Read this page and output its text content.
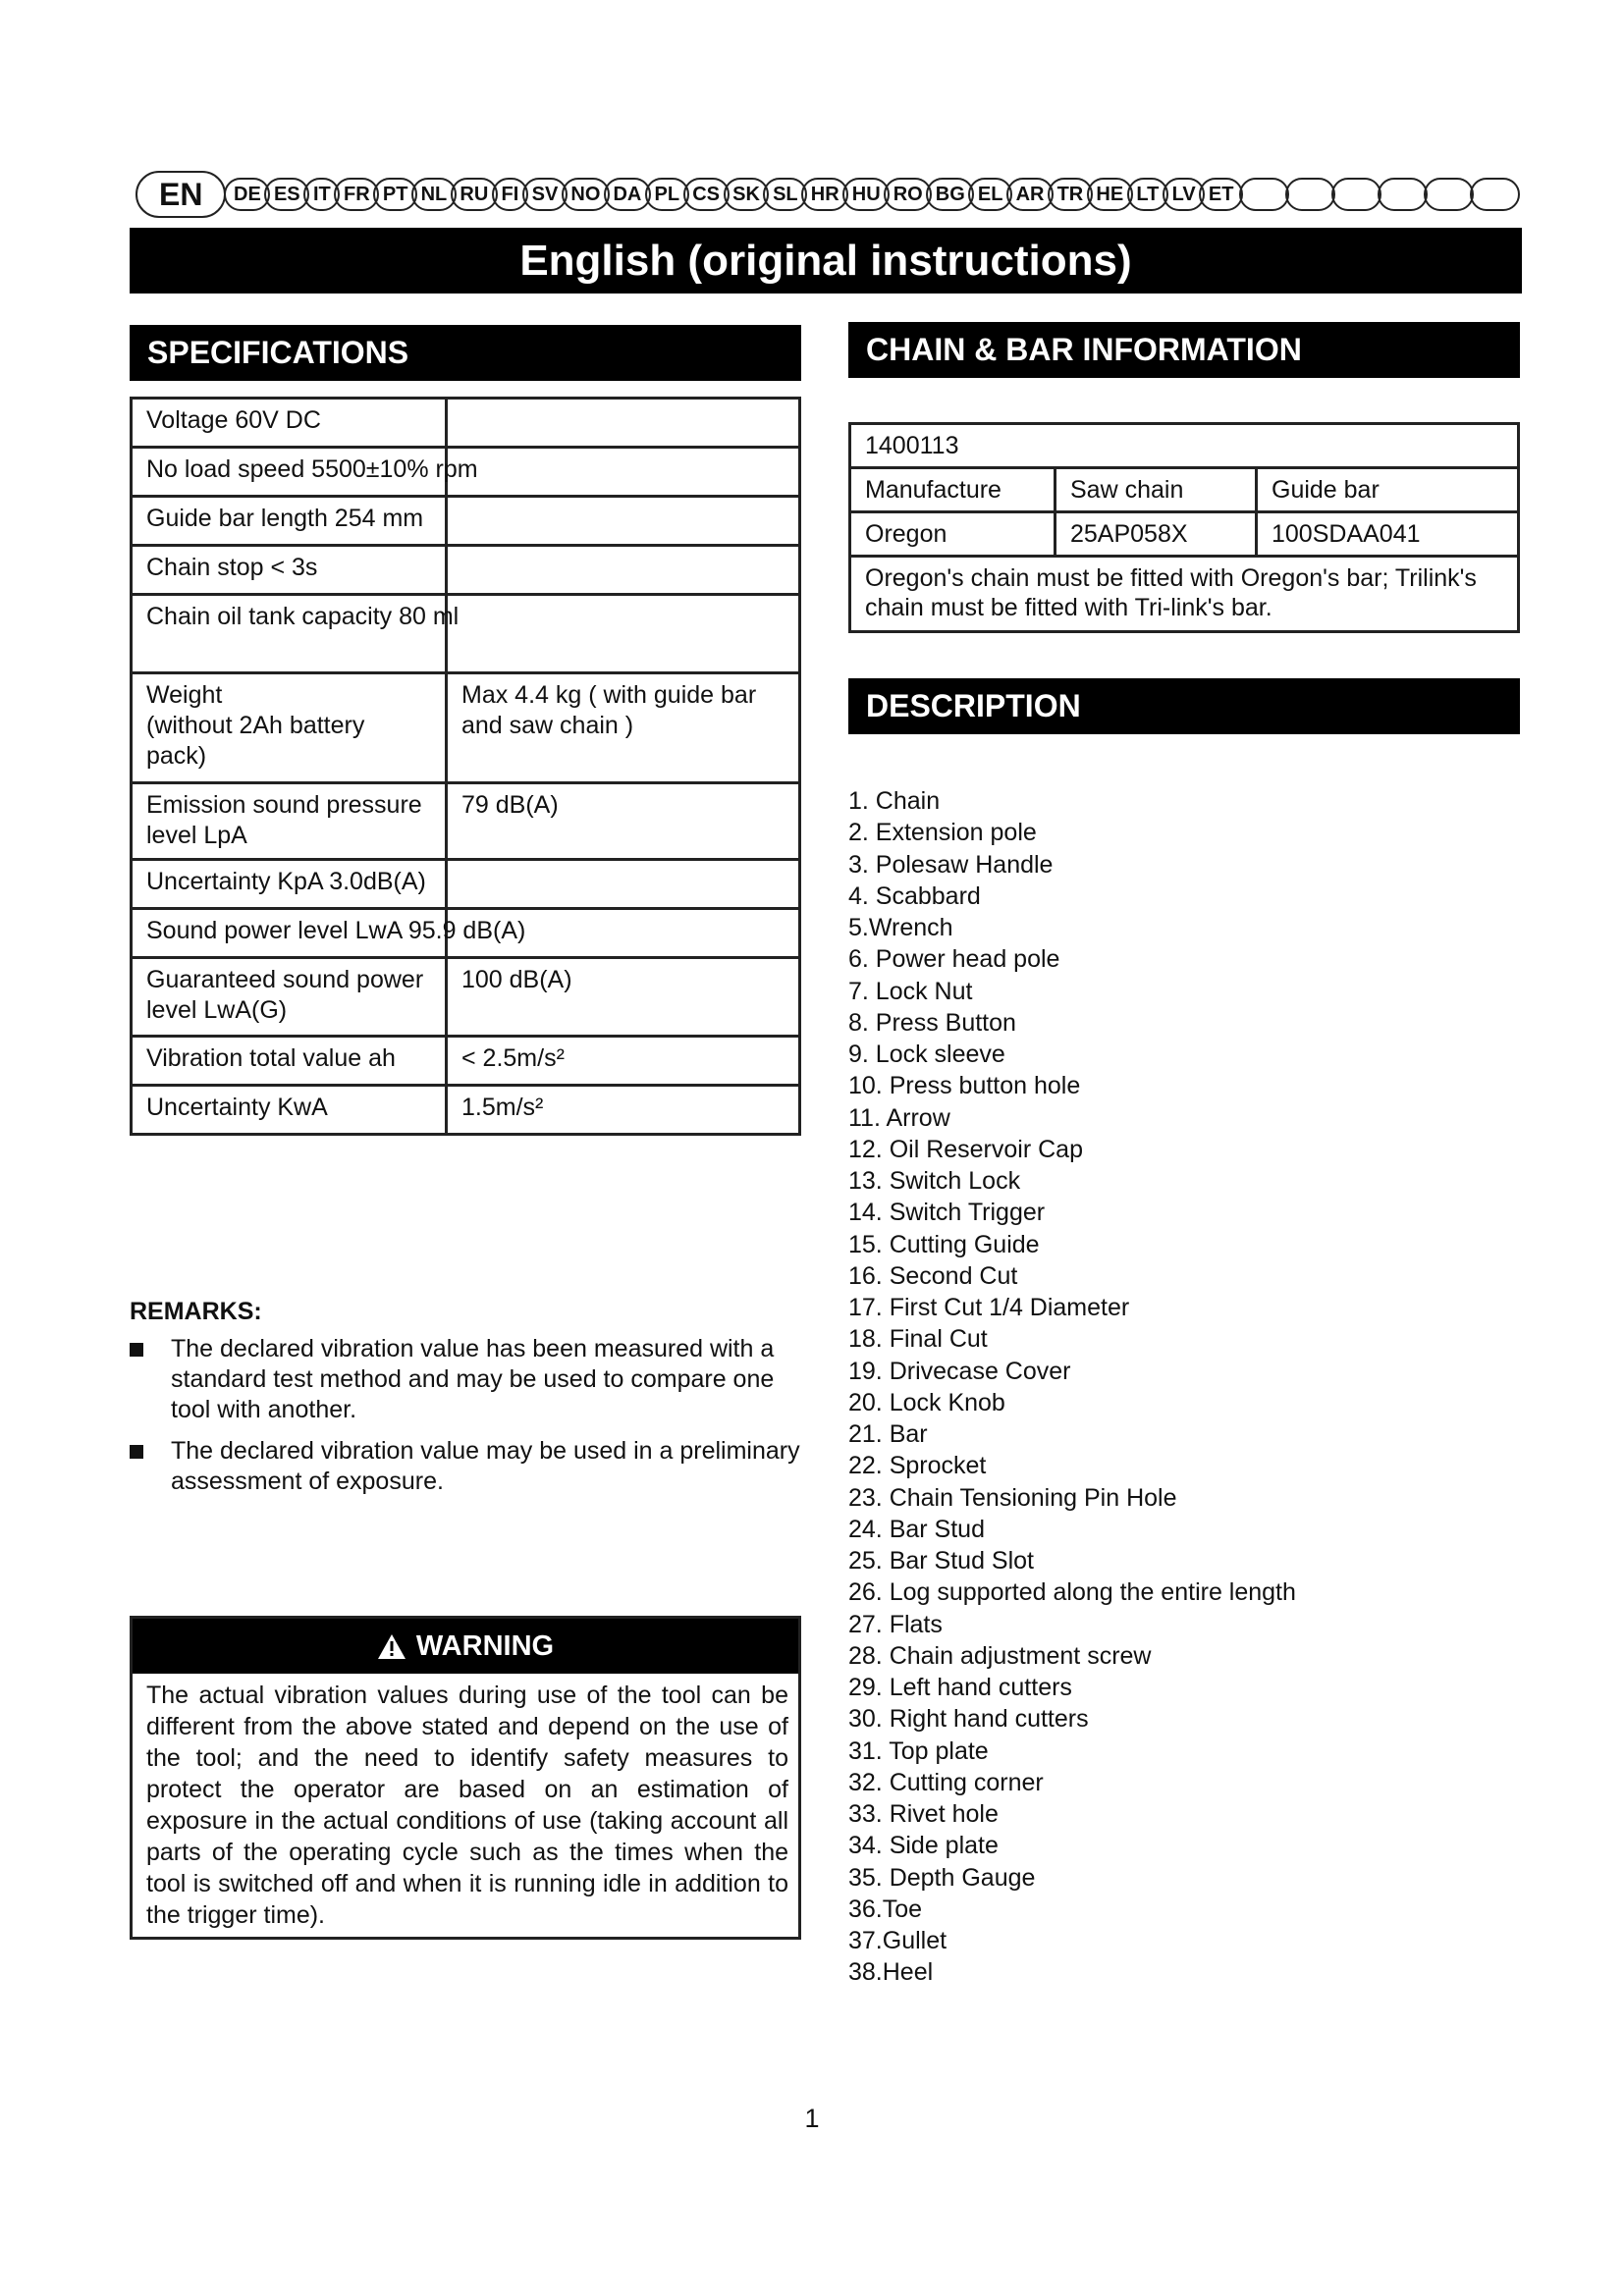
EN	DE ES IT FR PT NL RU FI SV NO DA PL CS SK SL HR HU RO BG EL AR TR HE LT LV ET
English (original instructions)
SPECIFICATIONS
Voltage 60V DC	
No load speed 5500±10% rpm	
Guide bar length 254 mm	
Chain stop < 3s	
Chain oil tank capacity 80 ml	
Weight
(without 2Ah battery pack)	Max 4.4 kg ( with guide bar and saw chain )
Emission sound pressure level LpA	79 dB(A)
Uncertainty KpA 3.0dB(A)	
Sound power level LwA 95.9 dB(A)	
Guaranteed sound power level LwA(G)	100 dB(A)
Vibration total value ah	< 2.5m/s²
Uncertainty KwA	1.5m/s²
CHAIN & BAR INFORMATION
1400113		
Manufacture	Saw chain	Guide bar
Oregon	25AP058X	100SDAA041
Oregon's chain must be fitted with Oregon's bar; Trilink's chain must be fitted with Tri-link's bar.		
DESCRIPTION
1. Chain
2. Extension pole
3. Polesaw Handle
4. Scabbard
5.Wrench
6. Power head pole
7. Lock Nut
8. Press Button
9. Lock sleeve
10. Press button hole
11. Arrow
12. Oil Reservoir Cap
13. Switch Lock
14. Switch Trigger
15. Cutting Guide
16. Second Cut
17. First Cut 1/4 Diameter
18. Final Cut
19. Drivecase Cover
20. Lock Knob
21. Bar
22. Sprocket
23. Chain Tensioning Pin Hole
24. Bar Stud
25. Bar Stud Slot
26. Log supported along the entire length
27. Flats
28. Chain adjustment screw
29. Left hand cutters
30. Right hand cutters
31. Top plate
32. Cutting corner
33. Rivet hole
34. Side plate
35. Depth Gauge
36.Toe
37.Gullet
38.Heel
REMARKS:
The declared vibration value has been measured with a standard test method and may be used to compare one tool with another.
The declared vibration value may be used in a preliminary assessment of exposure.
WARNING
The actual vibration values during use of the tool can be different from the above stated and depend on the use of the tool; and the need to identify safety measures to protect the operator are based on an estimation of exposure in the actual conditions of use (taking account all parts of the operating cycle such as the times when the tool is switched off and when it is running idle in addition to the trigger time).
1
